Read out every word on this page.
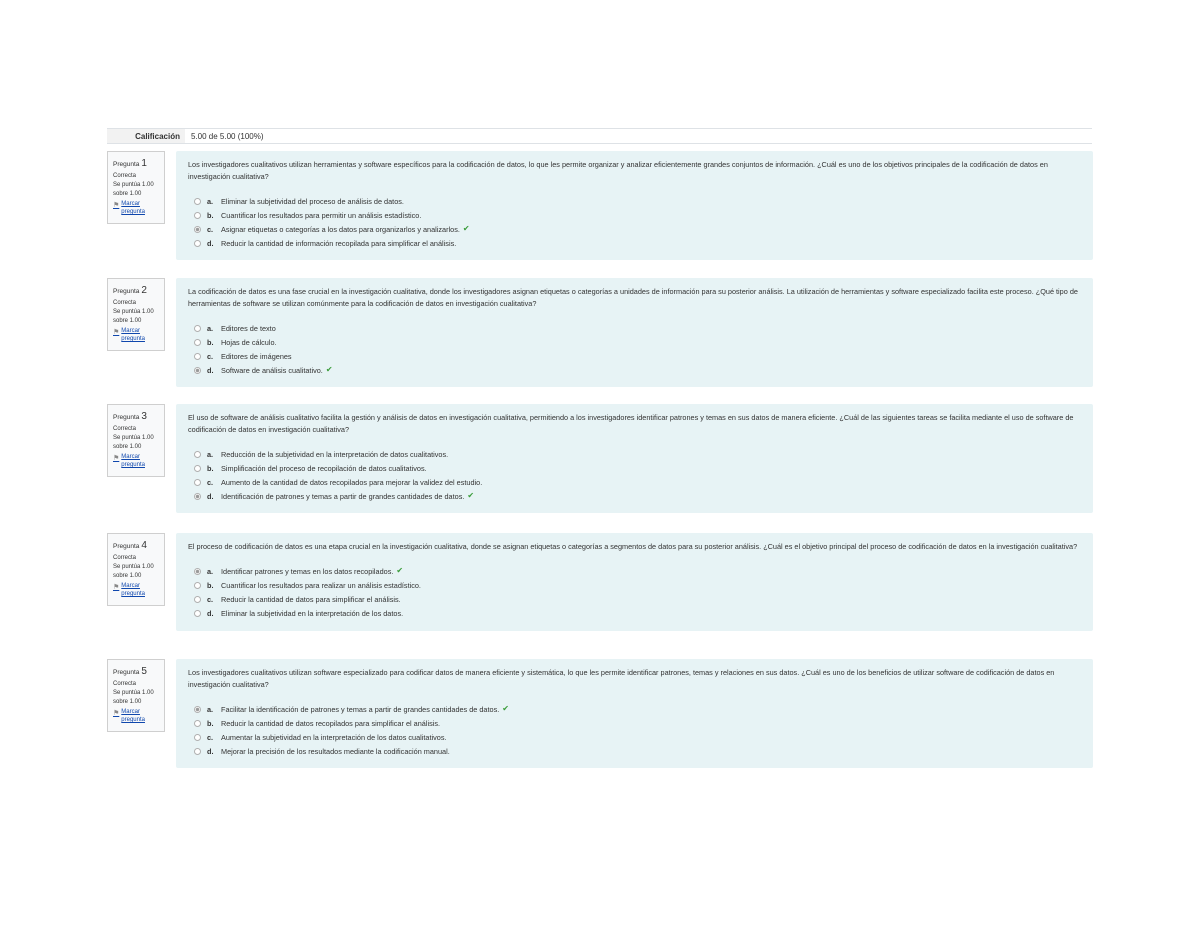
Calificación	5.00 de 5.00 (100%)
Pregunta 1
Correcta
Se puntúa 1.00
sobre 1.00
⚑ Marcar pregunta
Los investigadores cualitativos utilizan herramientas y software específicos para la codificación de datos, lo que les permite organizar y analizar eficientemente grandes conjuntos de información. ¿Cuál es uno de los objetivos principales de la codificación de datos en investigación cualitativa?
a.	Eliminar la subjetividad del proceso de análisis de datos.
b.	Cuantificar los resultados para permitir un análisis estadístico.
c.	Asignar etiquetas o categorías a los datos para organizarlos y analizarlos. ✔
d.	Reducir la cantidad de información recopilada para simplificar el análisis.
Pregunta 2
Correcta
Se puntúa 1.00
sobre 1.00
⚑ Marcar pregunta
La codificación de datos es una fase crucial en la investigación cualitativa, donde los investigadores asignan etiquetas o categorías a unidades de información para su posterior análisis. La utilización de herramientas y software especializado facilita este proceso. ¿Qué tipo de herramientas de software se utilizan comúnmente para la codificación de datos en investigación cualitativa?
a.	Editores de texto
b.	Hojas de cálculo.
c.	Editores de imágenes
d.	Software de análisis cualitativo. ✔
Pregunta 3
Correcta
Se puntúa 1.00
sobre 1.00
⚑ Marcar pregunta
El uso de software de análisis cualitativo facilita la gestión y análisis de datos en investigación cualitativa, permitiendo a los investigadores identificar patrones y temas en sus datos de manera eficiente. ¿Cuál de las siguientes tareas se facilita mediante el uso de software de codificación de datos en investigación cualitativa?
a.	Reducción de la subjetividad en la interpretación de datos cualitativos.
b.	Simplificación del proceso de recopilación de datos cualitativos.
c.	Aumento de la cantidad de datos recopilados para mejorar la validez del estudio.
d.	Identificación de patrones y temas a partir de grandes cantidades de datos. ✔
Pregunta 4
Correcta
Se puntúa 1.00
sobre 1.00
⚑ Marcar pregunta
El proceso de codificación de datos es una etapa crucial en la investigación cualitativa, donde se asignan etiquetas o categorías a segmentos de datos para su posterior análisis. ¿Cuál es el objetivo principal del proceso de codificación de datos en la investigación cualitativa?
a.	Identificar patrones y temas en los datos recopilados. ✔
b.	Cuantificar los resultados para realizar un análisis estadístico.
c.	Reducir la cantidad de datos para simplificar el análisis.
d.	Eliminar la subjetividad en la interpretación de los datos.
Pregunta 5
Correcta
Se puntúa 1.00
sobre 1.00
⚑ Marcar pregunta
Los investigadores cualitativos utilizan software especializado para codificar datos de manera eficiente y sistemática, lo que les permite identificar patrones, temas y relaciones en sus datos. ¿Cuál es uno de los beneficios de utilizar software de codificación de datos en investigación cualitativa?
a.	Facilitar la identificación de patrones y temas a partir de grandes cantidades de datos. ✔
b.	Reducir la cantidad de datos recopilados para simplificar el análisis.
c.	Aumentar la subjetividad en la interpretación de los datos cualitativos.
d.	Mejorar la precisión de los resultados mediante la codificación manual.
